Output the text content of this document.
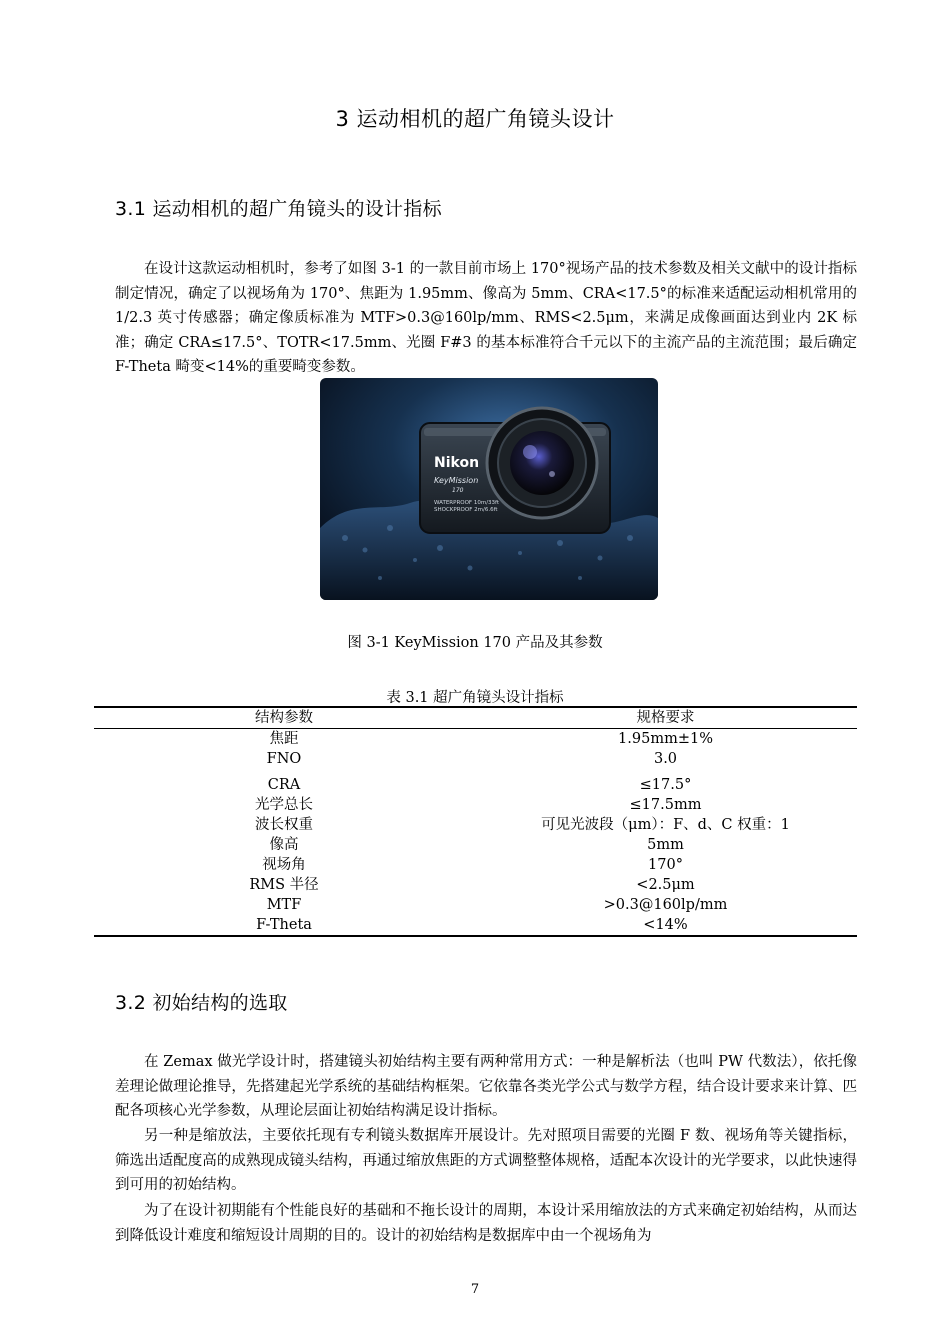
3 运动相机的超广角镜头设计
3.1 运动相机的超广角镜头的设计指标

在设计这款运动相机时，参考了如图 3-1 的一款目前市场上 170°视场产品的技术参数及相关文献中的设计指标制定情况，确定了以视场角为 170°、焦距为 1.95mm、像高为 5mm、CRA<17.5°的标准来适配运动相机常用的 1/2.3 英寸传感器；确定像质标准为 MTF>0.3@160lp/mm、RMS<2.5μm，来满足成像画面达到业内 2K 标准；确定 CRA≤17.5°、TOTR<17.5mm、光圈 F#3 的基本标准符合千元以下的主流产品的主流范围；最后确定 F-Theta 畸变<14%的重要畸变参数。

Nikon
KeyMission
170
WATERPROOF 10m/33ft
SHOCKPROOF 2m/6.6ft
图 3-1 KeyMission 170 产品及其参数
表 3.1 超广角镜头设计指标
结构参数	规格要求
焦距	1.95mm±1%
FNO	3.0
CRA	≤17.5°
光学总长	≤17.5mm
波长权重	可见光波段（μm）：F、d、C 权重：1
像高	5mm
视场角	170°
RMS 半径	<2.5μm
MTF	>0.3@160lp/mm
F-Theta	<14%
3.2 初始结构的选取

在 Zemax 做光学设计时，搭建镜头初始结构主要有两种常用方式：一种是解析法（也叫 PW 代数法），依托像差理论做理论推导，先搭建起光学系统的基础结构框架。它依靠各类光学公式与数学方程，结合设计要求来计算、匹配各项核心光学参数，从理论层面让初始结构满足设计指标。

另一种是缩放法，主要依托现有专利镜头数据库开展设计。先对照项目需要的光圈 F 数、视场角等关键指标，筛选出适配度高的成熟现成镜头结构，再通过缩放焦距的方式调整整体规格，适配本次设计的光学要求，以此快速得到可用的初始结构。

为了在设计初期能有个性能良好的基础和不拖长设计的周期，本设计采用缩放法的方式来确定初始结构，从而达到降低设计难度和缩短设计周期的目的。设计的初始结构是数据库中由一个视场角为

7
